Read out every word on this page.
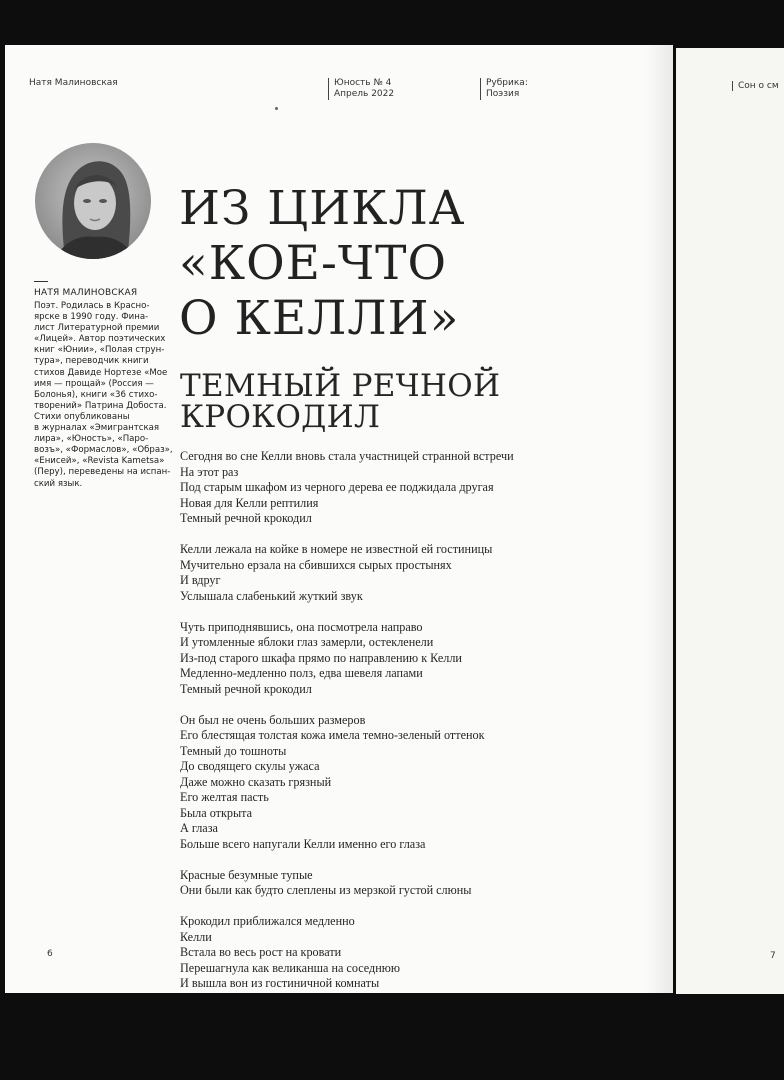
Натя Малиновская	Юность № 4
Апрель 2022
Рубрика:
Поэзия
НАТЯ МАЛИНОВСКАЯ
Поэт. Родилась в Красно-
ярске в 1990 году. Фина-
лист Литературной премии
«Лицей». Автор поэтических
книг «Юнии», «Полая струн-
тура», переводчик книги
стихов Давиде Нортезе «Мое
имя — прощай» (Россия —
Болонья), книги «36 стихо-
творений» Патрина Добоста.
Стихи опубликованы
в журналах «Эмигрантская
лира», «Юность», «Паро-
возъ», «Формаслов», «Образ»,
«Енисей», «Revista Kametsa»
(Перу), переведены на испан-
ский язык.
ИЗ ЦИКЛА
«КОЕ-ЧТО
О КЕЛЛИ»
ТЕМНЫЙ РЕЧНОЙ
КРОКОДИЛ
Сегодня во сне Келли вновь стала участницей странной встречи
На этот раз
Под старым шкафом из черного дерева ее поджидала другая
Новая для Келли рептилия
Темный речной крокодил
Келли лежала на койке в номере не известной ей гостиницы
Мучительно ерзала на сбившихся сырых простынях
И вдруг
Услышала слабенький жуткий звук
Чуть приподнявшись, она посмотрела направо
И утомленные яблоки глаз замерли, остекленели
Из-под старого шкафа прямо по направлению к Келли
Медленно-медленно полз, едва шевеля лапами
Темный речной крокодил
Он был не очень больших размеров
Его блестящая толстая кожа имела темно-зеленый оттенок
Темный до тошноты
До сводящего скулы ужаса
Даже можно сказать грязный
Его желтая пасть
Была открыта
А глаза
Больше всего напугали Келли именно его глаза
Красные безумные тупые
Они были как будто слеплены из мерзкой густой слюны
Крокодил приближался медленно
Келли
Встала во весь рост на кровати
Перешагнула как великанша на соседнюю
И вышла вон из гостиничной комнаты
6
Сон о см
7
